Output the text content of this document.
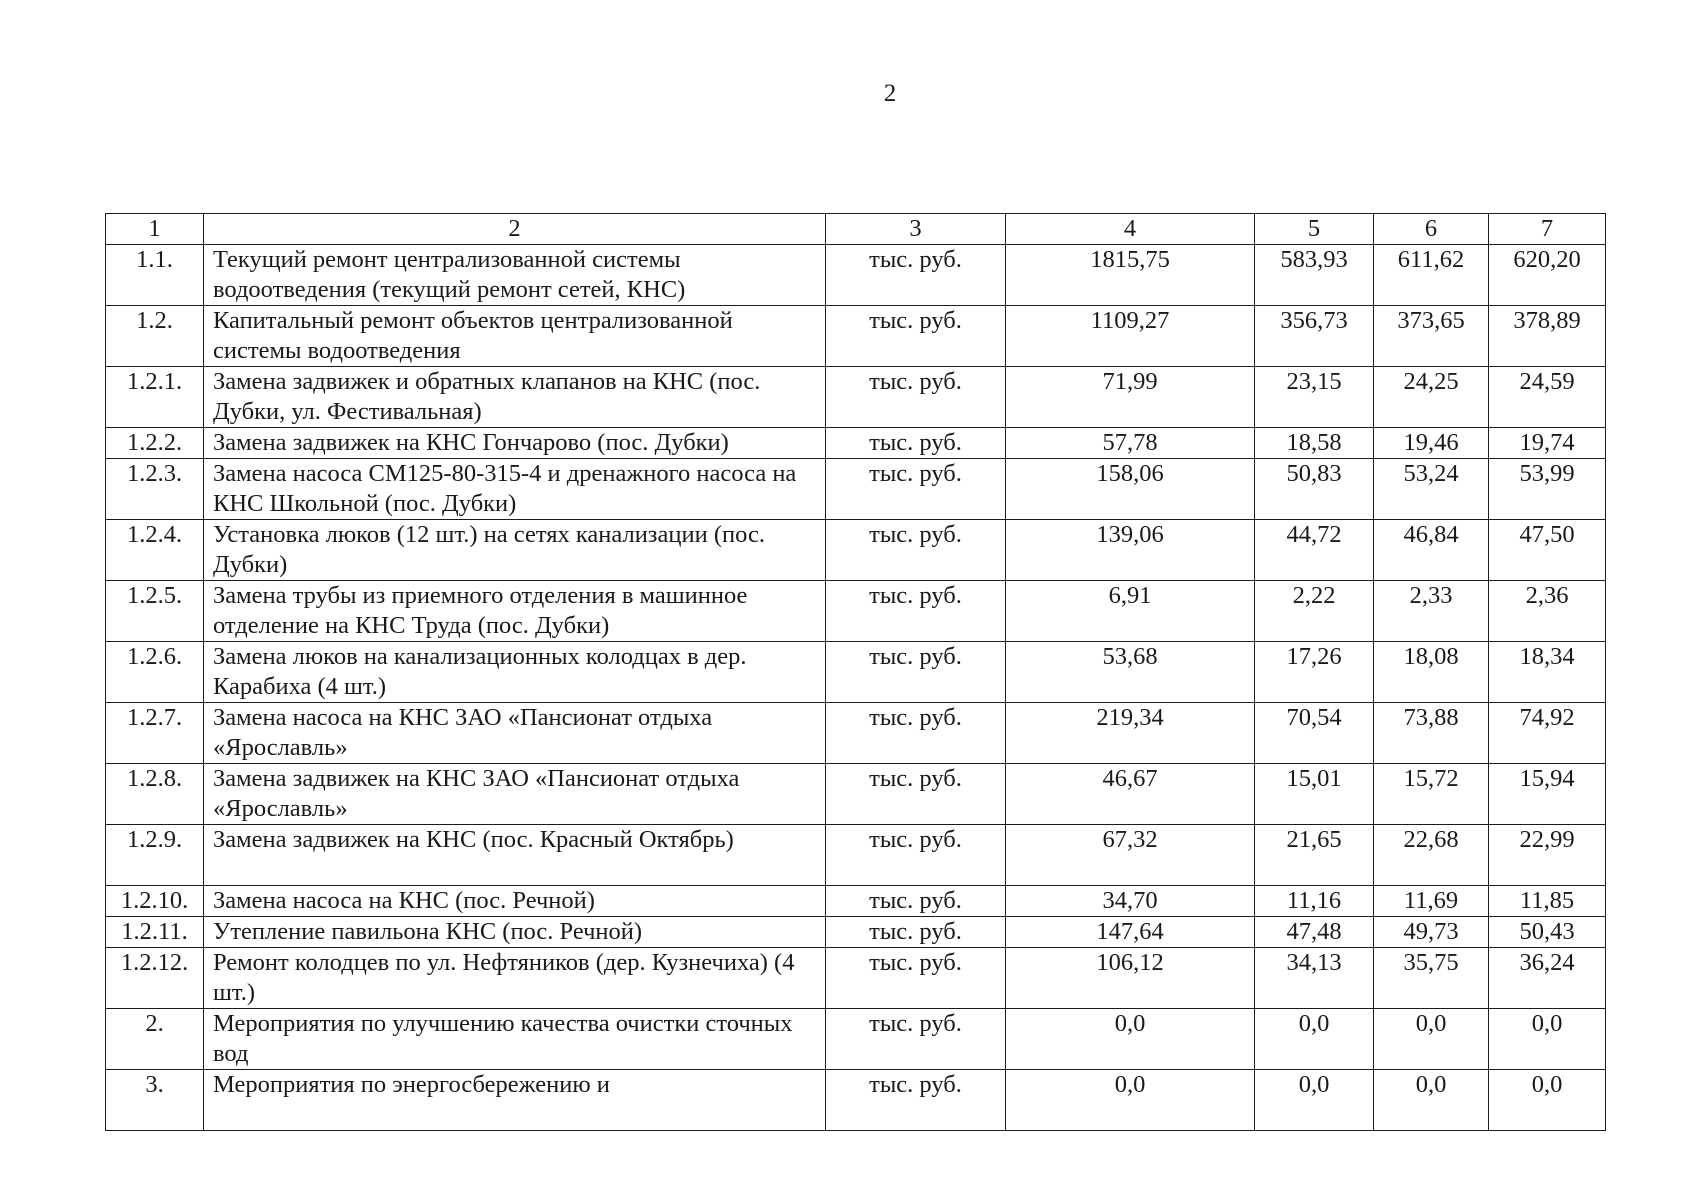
2
1	2	3	4	5	6	7
1.1.	Текущий ремонт централизованной системы водоотведения (текущий ремонт сетей, КНС)	тыс. руб.	1815,75	583,93	611,62	620,20
1.2.	Капитальный ремонт объектов централизованной системы водоотведения	тыс. руб.	1109,27	356,73	373,65	378,89
1.2.1.	Замена задвижек и обратных клапанов на КНС (пос. Дубки, ул. Фестивальная)	тыс. руб.	71,99	23,15	24,25	24,59
1.2.2.	Замена задвижек на КНС Гончарово (пос. Дубки)	тыс. руб.	57,78	18,58	19,46	19,74
1.2.3.	Замена насоса СМ125-80-315-4 и дренажного насоса на КНС Школьной (пос. Дубки)	тыс. руб.	158,06	50,83	53,24	53,99
1.2.4.	Установка люков (12 шт.) на сетях канализации (пос. Дубки)	тыс. руб.	139,06	44,72	46,84	47,50
1.2.5.	Замена трубы из приемного отделения в машинное отделение на КНС Труда (пос. Дубки)	тыс. руб.	6,91	2,22	2,33	2,36
1.2.6.	Замена люков на канализационных колодцах в дер. Карабиха (4 шт.)	тыс. руб.	53,68	17,26	18,08	18,34
1.2.7.	Замена насоса на КНС ЗАО «Пансионат отдыха «Ярославль»	тыс. руб.	219,34	70,54	73,88	74,92
1.2.8.	Замена задвижек на КНС ЗАО «Пансионат отдыха «Ярославль»	тыс. руб.	46,67	15,01	15,72	15,94
1.2.9.	Замена задвижек на КНС (пос. Красный Октябрь)	тыс. руб.	67,32	21,65	22,68	22,99
1.2.10.	Замена насоса на КНС (пос. Речной)	тыс. руб.	34,70	11,16	11,69	11,85
1.2.11.	Утепление павильона КНС (пос. Речной)	тыс. руб.	147,64	47,48	49,73	50,43
1.2.12.	Ремонт колодцев по ул. Нефтяников (дер. Кузнечиха) (4 шт.)	тыс. руб.	106,12	34,13	35,75	36,24
2.	Мероприятия по улучшению качества очистки сточных вод	тыс. руб.	0,0	0,0	0,0	0,0
3.	Мероприятия по энергосбережению и	тыс. руб.	0,0	0,0	0,0	0,0
